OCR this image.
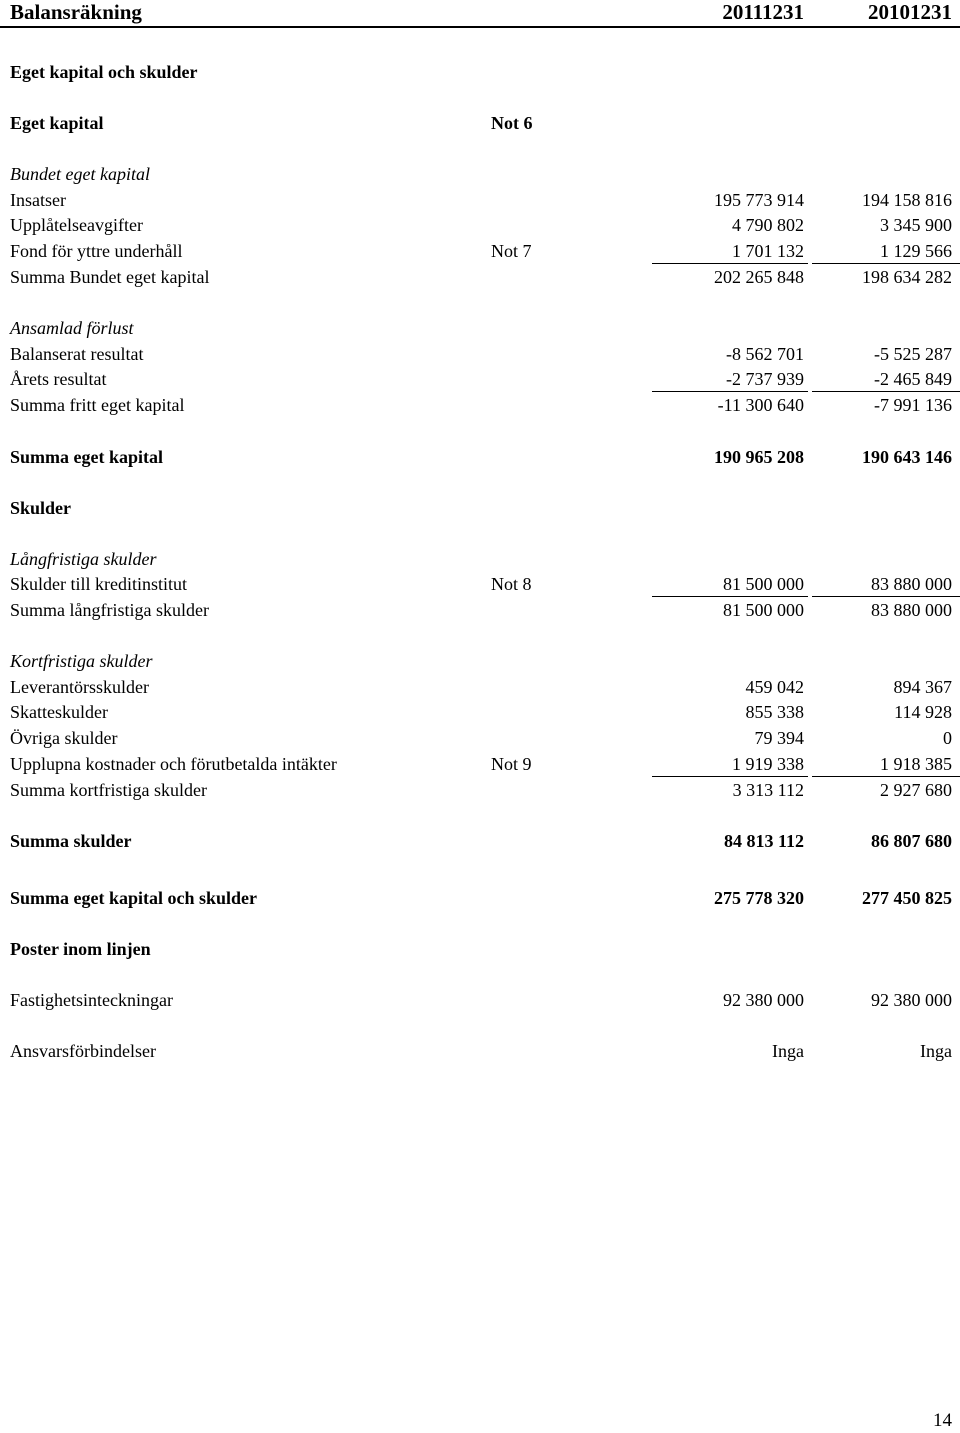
Balansräkning	20111231	20101231
Eget kapital och skulder
Eget kapital	Not 6
Bundet eget kapital
Insatser	195 773 914	194 158 816
Upplåtelseavgifter	4 790 802	3 345 900
Fond för yttre underhåll	Not 7	1 701 132	1 129 566
Summa Bundet eget kapital	202 265 848	198 634 282
Ansamlad förlust
Balanserat resultat	-8 562 701	-5 525 287
Årets resultat	-2 737 939	-2 465 849
Summa fritt eget kapital	-11 300 640	-7 991 136
Summa eget kapital	190 965 208	190 643 146
Skulder
Långfristiga skulder
Skulder till kreditinstitut	Not 8	81 500 000	83 880 000
Summa långfristiga skulder	81 500 000	83 880 000
Kortfristiga skulder
Leverantörsskulder	459 042	894 367
Skatteskulder	855 338	114 928
Övriga skulder	79 394	0
Upplupna kostnader och förutbetalda intäkter	Not 9	1 919 338	1 918 385
Summa kortfristiga skulder	3 313 112	2 927 680
Summa skulder	84 813 112	86 807 680
Summa eget kapital och skulder	275 778 320	277 450 825
Poster inom linjen
Fastighetsinteckningar	92 380 000	92 380 000
Ansvarsförbindelser	Inga	Inga
14
